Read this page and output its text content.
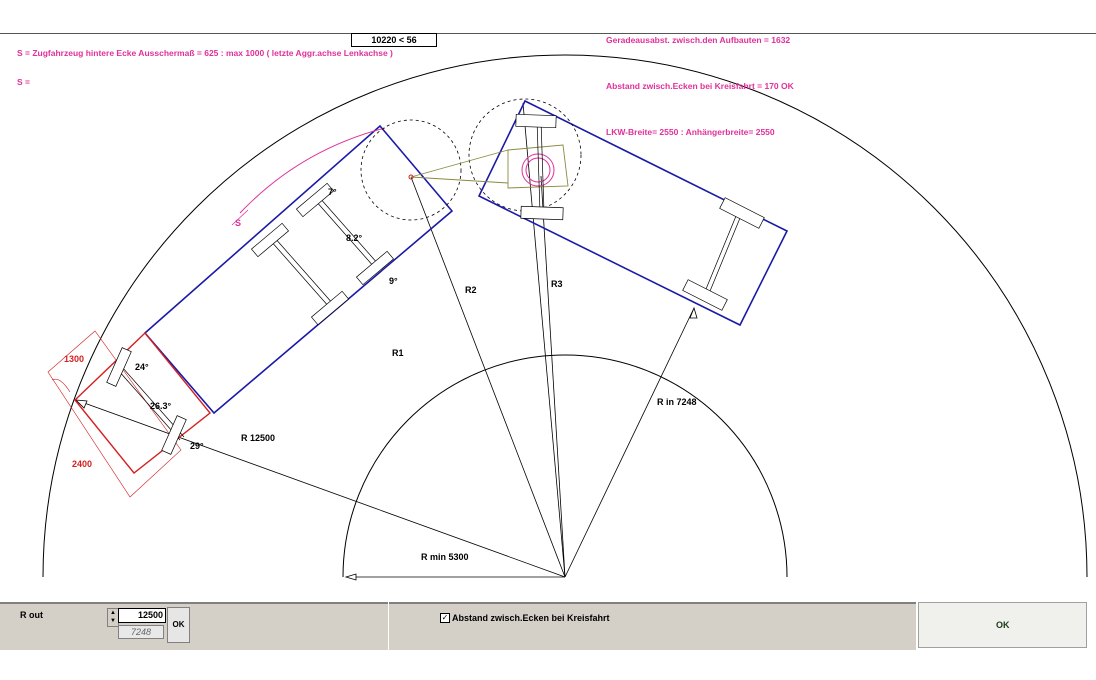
R1
R2
R3
R 12500
R in 7248
R min 5300
7°
8.2°
9°
24°
26.3°
29°
1300
2400
S
10220 < 56
S = Zugfahrzeug hintere Ecke Ausschermaß = 625 : max 1000 ( letzte Aggr.achse Lenkachse )
S =
Geradeausabst. zwisch.den Aufbauten = 1632
Abstand zwisch.Ecken bei Kreisfahrt = 170 OK
LKW-Breite= 2550 : Anhängerbreite= 2550
R out	▲
▼
12500
7248
OK
✓ Abstand zwisch.Ecken bei Kreisfahrt
OK
